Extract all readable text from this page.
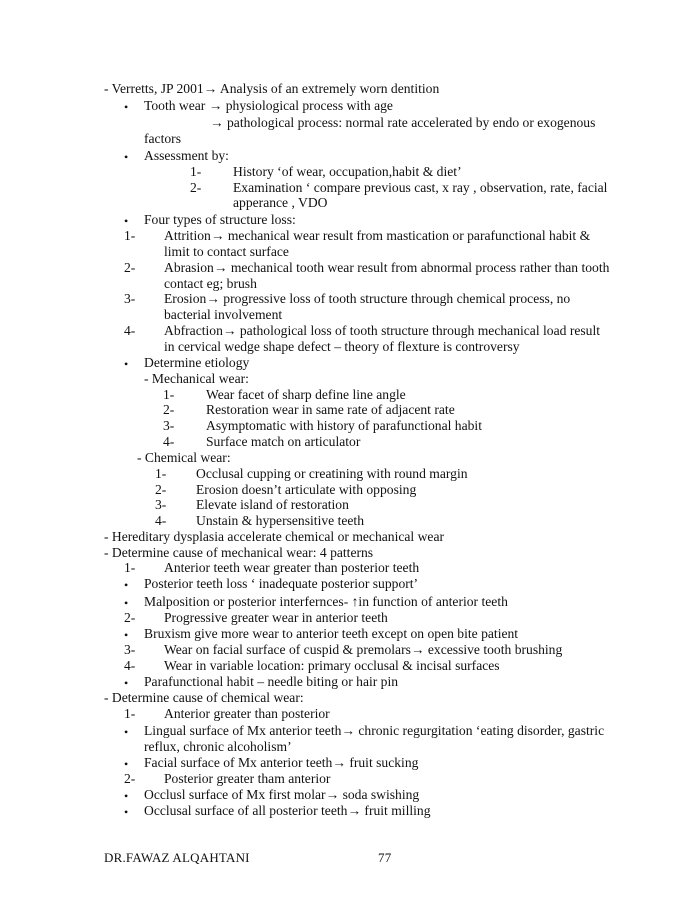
- Verretts, JP 2001→ Analysis of an extremely worn dentition
• Tooth wear → physiological process with age
→ pathological process: normal rate accelerated by endo or exogenous
factors
• Assessment by:
1- History ‘of wear, occupation,habit & diet’
2- Examination ‘ compare previous cast, x ray , observation, rate, facial
apperance , VDO
• Four types of structure loss:
1- Attrition→ mechanical wear result from mastication or parafunctional habit &
limit to contact surface
2- Abrasion→ mechanical tooth wear result from abnormal process rather than tooth
contact eg; brush
3- Erosion→ progressive loss of tooth structure through chemical process, no
bacterial involvement
4- Abfraction→ pathological loss of tooth structure through mechanical load result
in cervical wedge shape defect – theory of flexture is controversy
• Determine etiology
- Mechanical wear:
1- Wear facet of sharp define line angle
2- Restoration wear in same rate of adjacent rate
3- Asymptomatic with history of parafunctional habit
4- Surface match on articulator
- Chemical wear:
1- Occlusal cupping or creatining with round margin
2- Erosion doesn’t articulate with opposing
3- Elevate island of restoration
4- Unstain & hypersensitive teeth
- Hereditary dysplasia accelerate chemical or mechanical wear
- Determine cause of mechanical wear: 4 patterns
1- Anterior teeth wear greater than posterior teeth
• Posterior teeth loss ‘ inadequate posterior support’
• Malposition or posterior interfernces- ↑in function of anterior teeth
2- Progressive greater wear in anterior teeth
• Bruxism give more wear to anterior teeth except on open bite patient
3- Wear on facial surface of cuspid & premolars→ excessive tooth brushing
4- Wear in variable location: primary occlusal & incisal surfaces
• Parafunctional habit – needle biting or hair pin
- Determine cause of chemical wear:
1- Anterior greater than posterior
• Lingual surface of Mx anterior teeth→ chronic regurgitation ‘eating disorder, gastric
reflux, chronic alcoholism’
• Facial surface of Mx anterior teeth→ fruit sucking
2- Posterior greater tham anterior
• Occlusl surface of Mx first molar→ soda swishing
• Occlusal surface of all posterior teeth→ fruit milling
DR.FAWAZ ALQAHTANI	77
